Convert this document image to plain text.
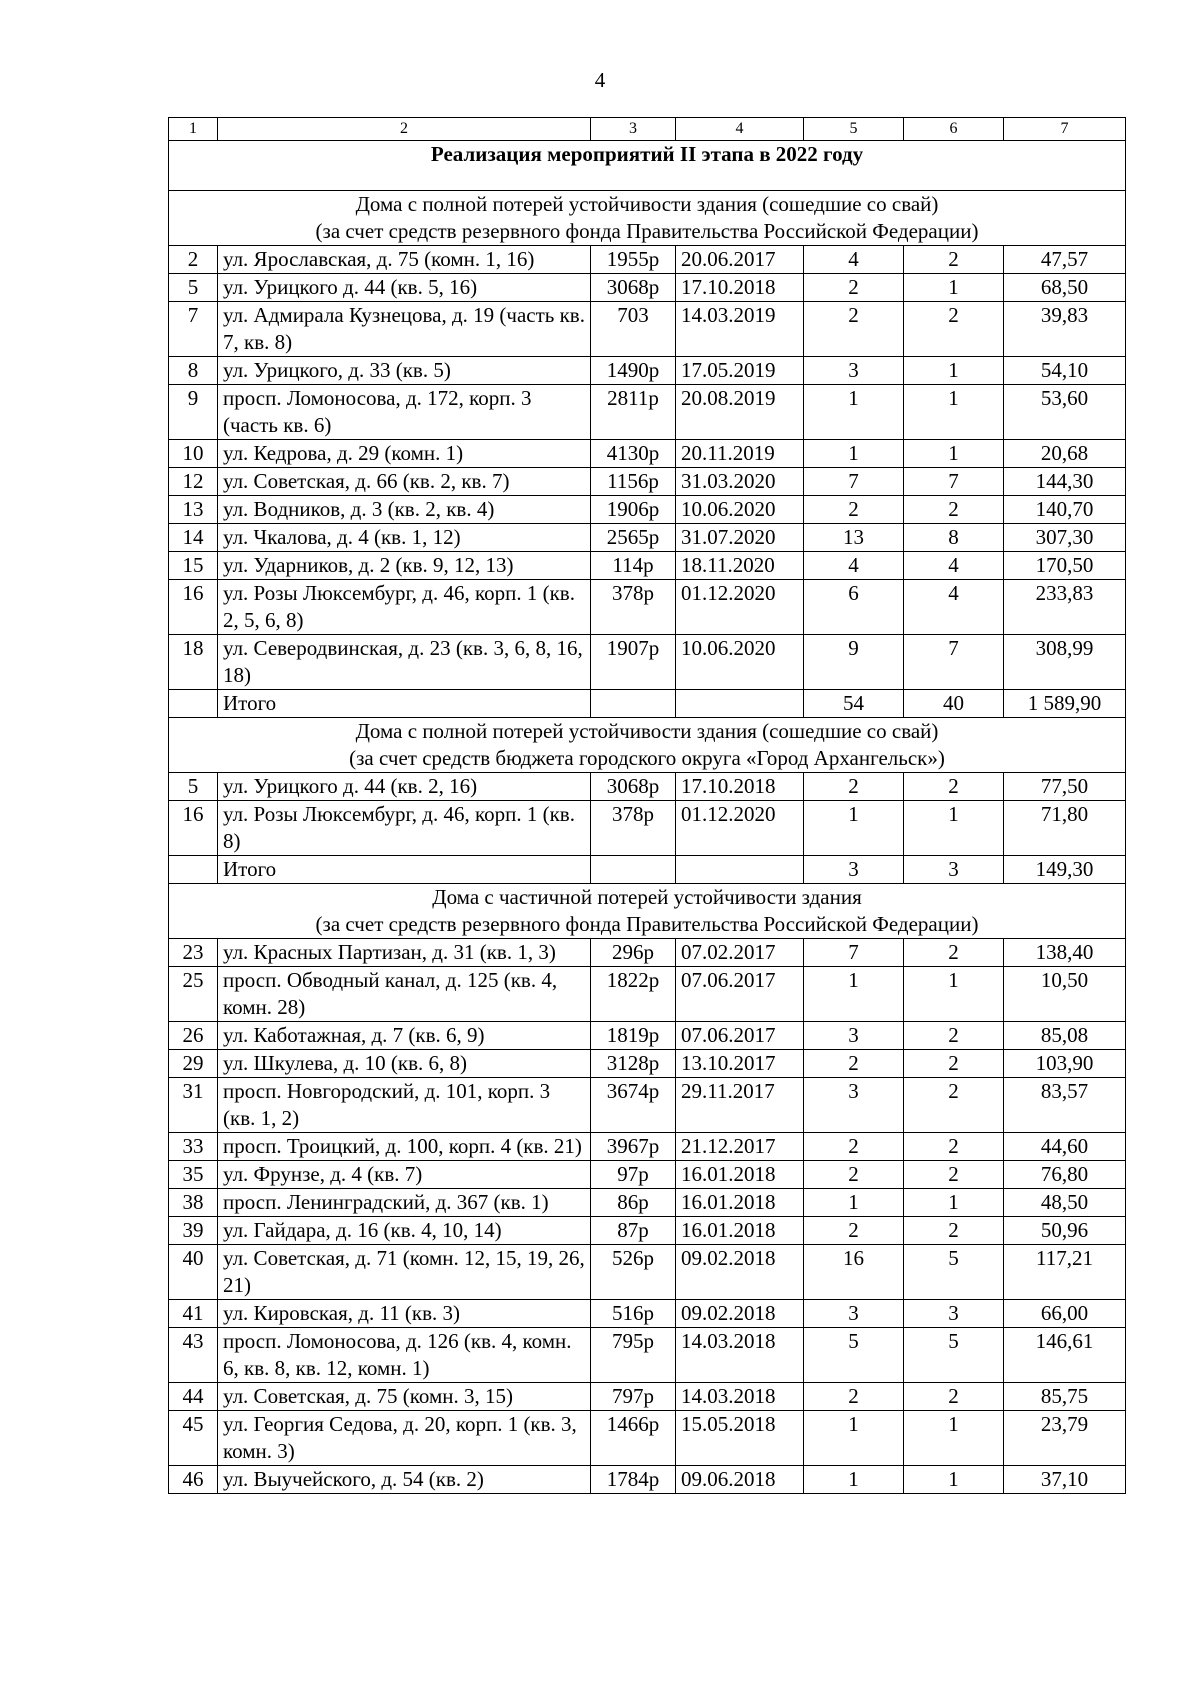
4
1	2	3	4	5	6	7
Реализация мероприятий II этапа в 2022 году						

Дома с полной потерей устойчивости здания (сошедшие со свай)
(за счет средств резервного фонда Правительства Российской Федерации)						

2	ул. Ярославская, д. 75 (комн. 1, 16)	1955р	20.06.2017	4	2	47,57
5	ул. Урицкого д. 44 (кв. 5, 16)	3068р	17.10.2018	2	1	68,50
7	ул. Адмирала Кузнецова, д. 19 (часть кв. 7, кв. 8)	703	14.03.2019	2	2	39,83
8	ул. Урицкого, д. 33 (кв. 5)	1490р	17.05.2019	3	1	54,10
9	просп. Ломоносова, д. 172, корп. 3 (часть кв. 6)	2811р	20.08.2019	1	1	53,60
10	ул. Кедрова, д. 29 (комн. 1)	4130р	20.11.2019	1	1	20,68
12	ул. Советская, д. 66 (кв. 2, кв. 7)	1156р	31.03.2020	7	7	144,30
13	ул. Водников, д. 3 (кв. 2, кв. 4)	1906р	10.06.2020	2	2	140,70
14	ул. Чкалова, д. 4 (кв. 1, 12)	2565р	31.07.2020	13	8	307,30
15	ул. Ударников, д. 2 (кв. 9, 12, 13)	114р	18.11.2020	4	4	170,50
16	ул. Розы Люксембург, д. 46, корп. 1 (кв. 2, 5, 6, 8)	378р	01.12.2020	6	4	233,83
18	ул. Северодвинская, д. 23 (кв. 3, 6, 8, 16, 18)	1907р	10.06.2020	9	7	308,99
	Итого			54	40	1 589,90

Дома с полной потерей устойчивости здания (сошедшие со свай)
(за счет средств бюджета городского округа «Город Архангельск»)						

5	ул. Урицкого д. 44 (кв. 2, 16)	3068р	17.10.2018	2	2	77,50
16	ул. Розы Люксембург, д. 46, корп. 1 (кв. 8)	378р	01.12.2020	1	1	71,80
	Итого			3	3	149,30

Дома с частичной потерей устойчивости здания
(за счет средств резервного фонда Правительства Российской Федерации)						

23	ул. Красных Партизан, д. 31 (кв. 1, 3)	296р	07.02.2017	7	2	138,40
25	просп. Обводный канал, д. 125 (кв. 4, комн. 28)	1822р	07.06.2017	1	1	10,50
26	ул. Каботажная, д. 7 (кв. 6, 9)	1819р	07.06.2017	3	2	85,08
29	ул. Шкулева, д. 10 (кв. 6, 8)	3128р	13.10.2017	2	2	103,90
31	просп. Новгородский, д. 101, корп. 3 (кв. 1, 2)	3674р	29.11.2017	3	2	83,57
33	просп. Троицкий, д. 100, корп. 4 (кв. 21)	3967р	21.12.2017	2	2	44,60
35	ул. Фрунзе, д. 4 (кв. 7)	97р	16.01.2018	2	2	76,80
38	просп. Ленинградский, д. 367 (кв. 1)	86р	16.01.2018	1	1	48,50
39	ул. Гайдара, д. 16 (кв. 4, 10, 14)	87р	16.01.2018	2	2	50,96
40	ул. Советская, д. 71 (комн. 12, 15, 19, 26, 21)	526р	09.02.2018	16	5	117,21
41	ул. Кировская, д. 11 (кв. 3)	516р	09.02.2018	3	3	66,00
43	просп. Ломоносова, д. 126 (кв. 4, комн. 6, кв. 8, кв. 12, комн. 1)	795р	14.03.2018	5	5	146,61
44	ул. Советская, д. 75 (комн. 3, 15)	797р	14.03.2018	2	2	85,75
45	ул. Георгия Седова, д. 20, корп. 1 (кв. 3, комн. 3)	1466р	15.05.2018	1	1	23,79
46	ул. Выучейского, д. 54 (кв. 2)	1784р	09.06.2018	1	1	37,10
